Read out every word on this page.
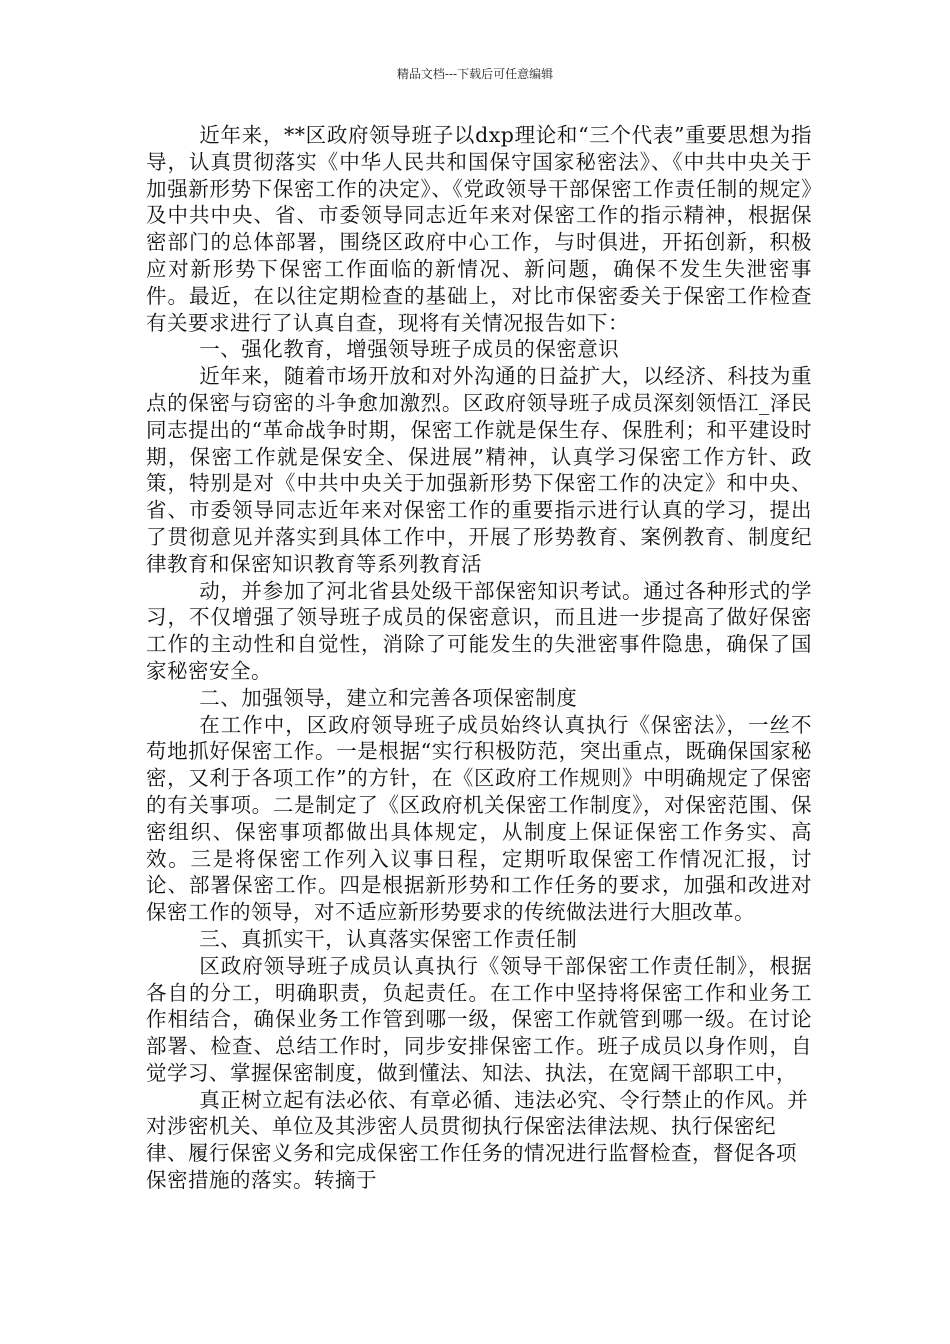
精品文档---下载后可任意编辑

近年来，**区政府领导班子以dxp理论和“三个代表”重要思想为指导，认真贯彻落实《中华人民共和国保守国家秘密法》、《中共中央关于加强新形势下保密工作的决定》、《党政领导干部保密工作责任制的规定》及中共中央、省、市委领导同志近年来对保密工作的指示精神，根据保密部门的总体部署，围绕区政府中心工作，与时俱进，开拓创新，积极应对新形势下保密工作面临的新情况、新问题，确保不发生失泄密事件。最近，在以往定期检查的基础上，对比市保密委关于保密工作检查有关要求进行了认真自查，现将有关情况报告如下：

一、强化教育，增强领导班子成员的保密意识

近年来，随着市场开放和对外沟通的日益扩大，以经济、科技为重点的保密与窃密的斗争愈加激烈。区政府领导班子成员深刻领悟江_泽民同志提出的“革命战争时期，保密工作就是保生存、保胜利；和平建设时期，保密工作就是保安全、保进展”精神，认真学习保密工作方针、政策，特别是对《中共中央关于加强新形势下保密工作的决定》和中央、省、市委领导同志近年来对保密工作的重要指示进行认真的学习，提出了贯彻意见并落实到具体工作中，开展了形势教育、案例教育、制度纪律教育和保密知识教育等系列教育活

动，并参加了河北省县处级干部保密知识考试。通过各种形式的学习，不仅增强了领导班子成员的保密意识，而且进一步提高了做好保密工作的主动性和自觉性，消除了可能发生的失泄密事件隐患，确保了国家秘密安全。

二、加强领导，建立和完善各项保密制度

在工作中，区政府领导班子成员始终认真执行《保密法》，一丝不苟地抓好保密工作。一是根据“实行积极防范，突出重点，既确保国家秘密，又利于各项工作”的方针，在《区政府工作规则》中明确规定了保密的有关事项。二是制定了《区政府机关保密工作制度》，对保密范围、保密组织、保密事项都做出具体规定，从制度上保证保密工作务实、高效。三是将保密工作列入议事日程，定期听取保密工作情况汇报，讨论、部署保密工作。四是根据新形势和工作任务的要求，加强和改进对保密工作的领导，对不适应新形势要求的传统做法进行大胆改革。

三、真抓实干，认真落实保密工作责任制

区政府领导班子成员认真执行《领导干部保密工作责任制》，根据各自的分工，明确职责，负起责任。在工作中坚持将保密工作和业务工作相结合，确保业务工作管到哪一级，保密工作就管到哪一级。在讨论部署、检查、总结工作时，同步安排保密工作。班子成员以身作则，自觉学习、掌握保密制度，做到懂法、知法、执法，在宽阔干部职工中，

真正树立起有法必依、有章必循、违法必究、令行禁止的作风。并对涉密机关、单位及其涉密人员贯彻执行保密法律法规、执行保密纪律、履行保密义务和完成保密工作任务的情况进行监督检查，督促各项保密措施的落实。转摘于
